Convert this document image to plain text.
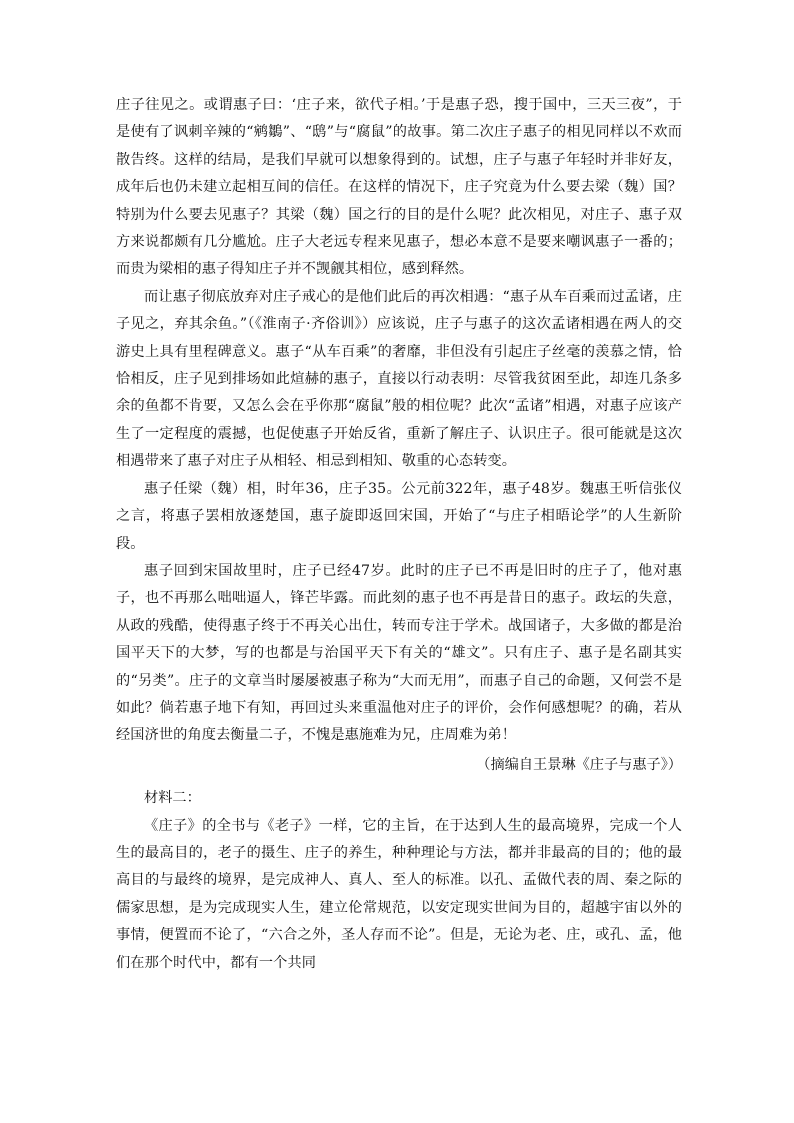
庄子往见之。或谓惠子曰：‘庄子来，欲代子相。’于是惠子恐，搜于国中，三天三夜”，于是使有了讽刺辛辣的“鹓鶵”、“鸱”与“腐鼠”的故事。第二次庄子惠子的相见同样以不欢而散告终。这样的结局，是我们早就可以想象得到的。试想，庄子与惠子年轻时并非好友，成年后也仍未建立起相互间的信任。在这样的情况下，庄子究竟为什么要去梁（魏）国？特别为什么要去见惠子？其梁（魏）国之行的目的是什么呢？此次相见，对庄子、惠子双方来说都颇有几分尴尬。庄子大老远专程来见惠子，想必本意不是要来嘲讽惠子一番的；而贵为梁相的惠子得知庄子并不觊觎其相位，感到释然。

而让惠子彻底放弃对庄子戒心的是他们此后的再次相遇：“惠子从车百乘而过孟诸，庄子见之，弃其余鱼。”（《淮南子·齐俗训》）应该说，庄子与惠子的这次孟诸相遇在两人的交游史上具有里程碑意义。惠子“从车百乘”的奢靡，非但没有引起庄子丝毫的羡慕之情，恰恰相反，庄子见到排场如此煊赫的惠子，直接以行动表明：尽管我贫困至此，却连几条多余的鱼都不肯要，又怎么会在乎你那“腐鼠”般的相位呢？此次“孟诸”相遇，对惠子应该产生了一定程度的震撼，也促使惠子开始反省，重新了解庄子、认识庄子。很可能就是这次相遇带来了惠子对庄子从相轻、相忌到相知、敬重的心态转变。

惠子任梁（魏）相，时年36，庄子35。公元前322年，惠子48岁。魏惠王听信张仪之言，将惠子罢相放逐楚国，惠子旋即返回宋国，开始了“与庄子相晤论学”的人生新阶段。

惠子回到宋国故里时，庄子已经47岁。此时的庄子已不再是旧时的庄子了，他对惠子，也不再那么咄咄逼人，锋芒毕露。而此刻的惠子也不再是昔日的惠子。政坛的失意，从政的残酷，使得惠子终于不再关心出仕，转而专注于学术。战国诸子，大多做的都是治国平天下的大梦，写的也都是与治国平天下有关的“雄文”。只有庄子、惠子是名副其实的“另类”。庄子的文章当时屡屡被惠子称为“大而无用”，而惠子自己的命题，又何尝不是如此？倘若惠子地下有知，再回过头来重温他对庄子的评价，会作何感想呢？的确，若从经国济世的角度去衡量二子，不愧是惠施难为兄，庄周难为弟！

（摘编自王景琳《庄子与惠子》）

材料二：

《庄子》的全书与《老子》一样，它的主旨，在于达到人生的最高境界，完成一个人生的最高目的，老子的摄生、庄子的养生，种种理论与方法，都并非最高的目的；他的最高目的与最终的境界，是完成神人、真人、至人的标准。以孔、孟做代表的周、秦之际的儒家思想，是为完成现实人生，建立伦常规范，以安定现实世间为目的，超越宇宙以外的事情，便置而不论了，“六合之外，圣人存而不论”。但是，无论为老、庄，或孔、孟，他们在那个时代中，都有一个共同
